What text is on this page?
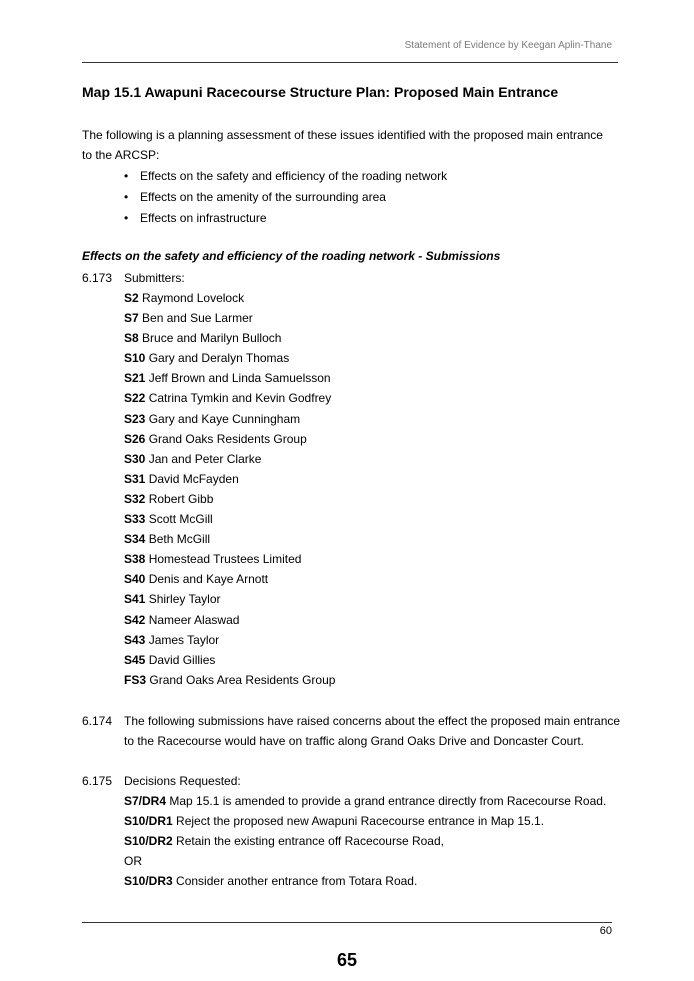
Statement of Evidence by Keegan Aplin-Thane
Map 15.1 Awapuni Racecourse Structure Plan: Proposed Main Entrance

The following is a planning assessment of these issues identified with the proposed main entrance to the ARCSP:

• Effects on the safety and efficiency of the roading network
• Effects on the amenity of the surrounding area
• Effects on infrastructure
Effects on the safety and efficiency of the roading network - Submissions
6.173 Submitters:
S2 Raymond Lovelock
S7 Ben and Sue Larmer
S8 Bruce and Marilyn Bulloch
S10 Gary and Deralyn Thomas
S21 Jeff Brown and Linda Samuelsson
S22 Catrina Tymkin and Kevin Godfrey
S23 Gary and Kaye Cunningham
S26 Grand Oaks Residents Group
S30 Jan and Peter Clarke
S31 David McFayden
S32 Robert Gibb
S33 Scott McGill
S34 Beth McGill
S38 Homestead Trustees Limited
S40 Denis and Kaye Arnott
S41 Shirley Taylor
S42 Nameer Alaswad
S43 James Taylor
S45 David Gillies
FS3 Grand Oaks Area Residents Group
6.174 The following submissions have raised concerns about the effect the proposed main entrance to the Racecourse would have on traffic along Grand Oaks Drive and Doncaster Court.

6.175 Decisions Requested:
S7/DR4 Map 15.1 is amended to provide a grand entrance directly from Racecourse Road.
S10/DR1 Reject the proposed new Awapuni Racecourse entrance in Map 15.1.
S10/DR2 Retain the existing entrance off Racecourse Road,
OR
S10/DR3 Consider another entrance from Totara Road.
60
65
